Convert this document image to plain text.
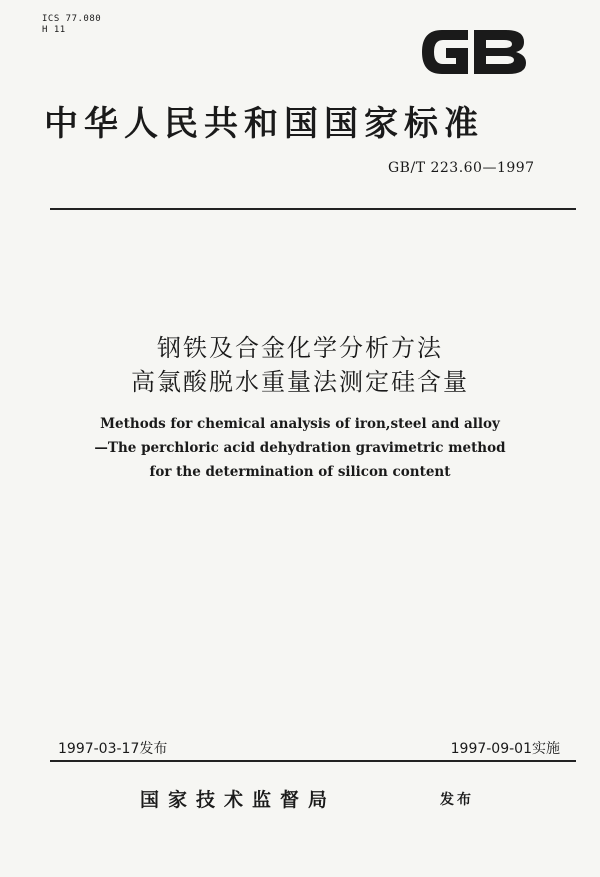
ICS 77.080
H 11
中华人民共和国国家标准
GB/T 223.60—1997
钢铁及合金化学分析方法
高氯酸脱水重量法测定硅含量
Methods for chemical analysis of iron,steel and alloy
—The perchloric acid dehydration gravimetric method
for the determination of silicon content
1997-03-17发布	1997-09-01实施
国家技术监督局	发布
